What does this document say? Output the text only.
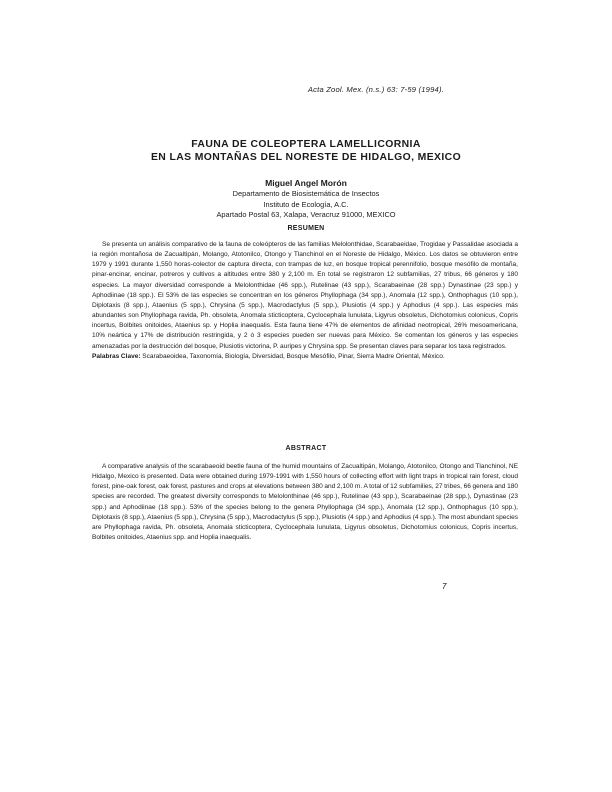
Acta Zool. Mex. (n.s.) 63: 7-59 (1994).
FAUNA DE COLEOPTERA LAMELLICORNIA
EN LAS MONTAÑAS DEL NORESTE DE HIDALGO, MEXICO
Miguel Angel Morón
Departamento de Biosistemática de Insectos
Instituto de Ecología, A.C.
Apartado Postal 63, Xalapa, Veracruz 91000, MEXICO
RESUMEN

Se presenta un análisis comparativo de la fauna de coleópteros de las familias Melolonthidae, Scarabaeidae, Trogidae y Passalidae asociada a la región montañosa de Zacualtipán, Molango, Atotonilco, Otongo y Tlanchinol en el Noreste de Hidalgo, México. Los datos se obtuvieron entre 1979 y 1991 durante 1,550 horas-colector de captura directa, con trampas de luz, en bosque tropical perennifolio, bosque mesófilo de montaña, pinar-encinar, encinar, potreros y cultivos a altitudes entre 380 y 2,100 m. En total se registraron 12 subfamilias, 27 tribus, 66 géneros y 180 especies. La mayor diversidad corresponde a Melolonthidae (46 spp.), Rutelinae (43 spp.), Scarabaeinae (28 spp.) Dynastinae (23 spp.) y Aphodiinae (18 spp.). El 53% de las especies se concentran en los géneros Phyllophaga (34 spp.), Anomala (12 spp.), Onthophagus (10 spp.), Diplotaxis (8 spp.), Ataenius (5 spp.), Chrysina (5 spp.), Macrodactylus (5 spp.), Plusiotis (4 spp.) y Aphodius (4 spp.). Las especies más abundantes son Phyllophaga ravida, Ph. obsoleta, Anomala sticticoptera, Cyclocephala lunulata, Ligyrus obsoletus, Dichotomius colonicus, Copris incertus, Bolbites onitoides, Ataenius sp. y Hoplia inaequalis. Esta fauna tiene 47% de elementos de afinidad neotropical, 26% mesoamericana, 10% neártica y 17% de distribución restringida, y 2 ó 3 especies pueden ser nuevas para México. Se comentan los géneros y las especies amenazadas por la destrucción del bosque, Plusiotis victorina, P. auripes y Chrysina spp. Se presentan claves para separar los taxa registrados.

Palabras Clave: Scarabaeoidea, Taxonomía, Biología, Diversidad, Bosque Mesófilo, Pinar, Sierra Madre Oriental, México.

ABSTRACT

A comparative analysis of the scarabaeoid beetle fauna of the humid mountains of Zacualtipán, Molango, Atotonilco, Otongo and Tlanchinol, NE Hidalgo, Mexico is presented. Data were obtained during 1979-1991 with 1,550 hours of collecting effort with light traps in tropical rain forest, cloud forest, pine-oak forest, oak forest, pastures and crops at elevations between 380 and 2,100 m. A total of 12 subfamilies, 27 tribes, 66 genera and 180 species are recorded. The greatest diversity corresponds to Melolonthinae (46 spp.), Rutelinae (43 spp.), Scarabaeinae (28 spp.), Dynastinae (23 spp.) and Aphodiinae (18 spp.). 53% of the species belong to the genera Phyllophaga (34 spp.), Anomala (12 spp.), Onthophagus (10 spp.), Diplotaxis (8 spp.), Ataenius (5 spp.), Chrysina (5 spp.), Macrodactylus (5 spp.), Plusiotis (4 spp.) and Aphodius (4 spp.). The most abundant species are Phyllophaga ravida, Ph. obsoleta, Anomala sticticoptera, Cyclocephala lunulata, Ligyrus obsoletus, Dichotomius colonicus, Copris incertus, Bolbites onitoides, Ataenius spp. and Hoplia inaequalis.

7
